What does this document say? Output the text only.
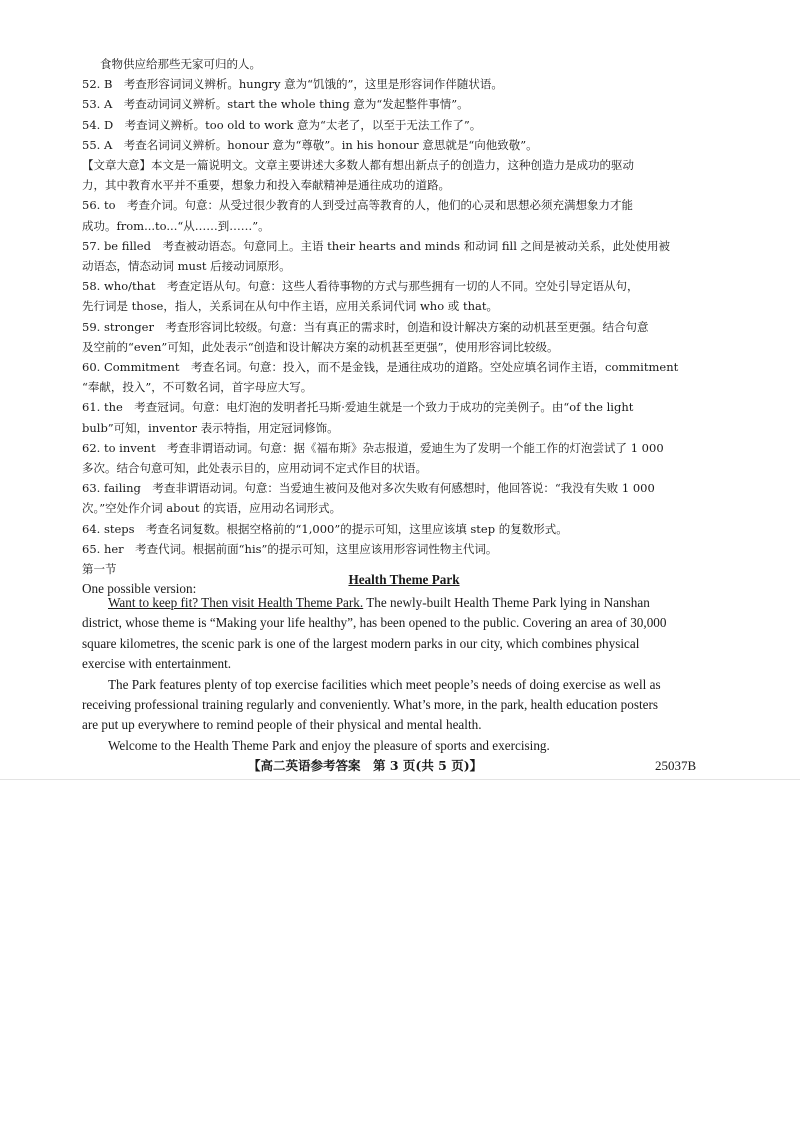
食物供应给那些无家可归的人。
52. B　考查形容词词义辨析。hungry 意为“饥饿的”，这里是形容词作伴随状语。
53. A　考查动词词义辨析。start the whole thing 意为“发起整件事情”。
54. D　考查词义辨析。too old to work 意为“太老了，以至于无法工作了”。
55. A　考查名词词义辨析。honour 意为“尊敬”。in his honour 意思就是“向他致敬”。
【文章大意】本文是一篇说明文。文章主要讲述大多数人都有想出新点子的创造力，这种创造力是成功的驱动
力，其中教育水平并不重要，想象力和投入奉献精神是通往成功的道路。
56. to　考查介词。句意：从受过很少教育的人到受过高等教育的人，他们的心灵和思想必须充满想象力才能
成功。from...to...“从……到……”。
57. be filled　考查被动语态。句意同上。主语 their hearts and minds 和动词 fill 之间是被动关系，此处使用被
动语态，情态动词 must 后接动词原形。
58. who/that　考查定语从句。句意：这些人看待事物的方式与那些拥有一切的人不同。空处引导定语从句，
先行词是 those，指人，关系词在从句中作主语，应用关系词代词 who 或 that。
59. stronger　考查形容词比较级。句意：当有真正的需求时，创造和设计解决方案的动机甚至更强。结合句意
及空前的“even”可知，此处表示“创造和设计解决方案的动机甚至更强”，使用形容词比较级。
60. Commitment　考查名词。句意：投入，而不是金钱，是通往成功的道路。空处应填名词作主语，commitment
“奉献，投入”，不可数名词，首字母应大写。
61. the　考查冠词。句意：电灯泡的发明者托马斯·爱迪生就是一个致力于成功的完美例子。由“of the light
bulb”可知，inventor 表示特指，用定冠词修饰。
62. to invent　考查非谓语动词。句意：据《福布斯》杂志报道，爱迪生为了发明一个能工作的灯泡尝试了 1 000
多次。结合句意可知，此处表示目的，应用动词不定式作目的状语。
63. failing　考查非谓语动词。句意：当爱迪生被问及他对多次失败有何感想时，他回答说：“我没有失败 1 000
次。”空处作介词 about 的宾语，应用动名词形式。
64. steps　考查名词复数。根据空格前的“1,000”的提示可知，这里应该填 step 的复数形式。
65. her　考查代词。根据前面“his”的提示可知，这里应该用形容词性物主代词。
第一节
One possible version:
Health Theme Park
Want to keep fit? Then visit Health Theme Park. The newly-built Health Theme Park lying in Nanshan
district, whose theme is “Making your life healthy”, has been opened to the public. Covering an area of 30,000
square kilometres, the scenic park is one of the largest modern parks in our city, which combines physical
exercise with entertainment.
The Park features plenty of top exercise facilities which meet people’s needs of doing exercise as well as
receiving professional training regularly and conveniently. What’s more, in the park, health education posters
are put up everywhere to remind people of their physical and mental health.
Welcome to the Health Theme Park and enjoy the pleasure of sports and exercising.
【高二英语参考答案　第 3 页(共 5 页)】	25037B
